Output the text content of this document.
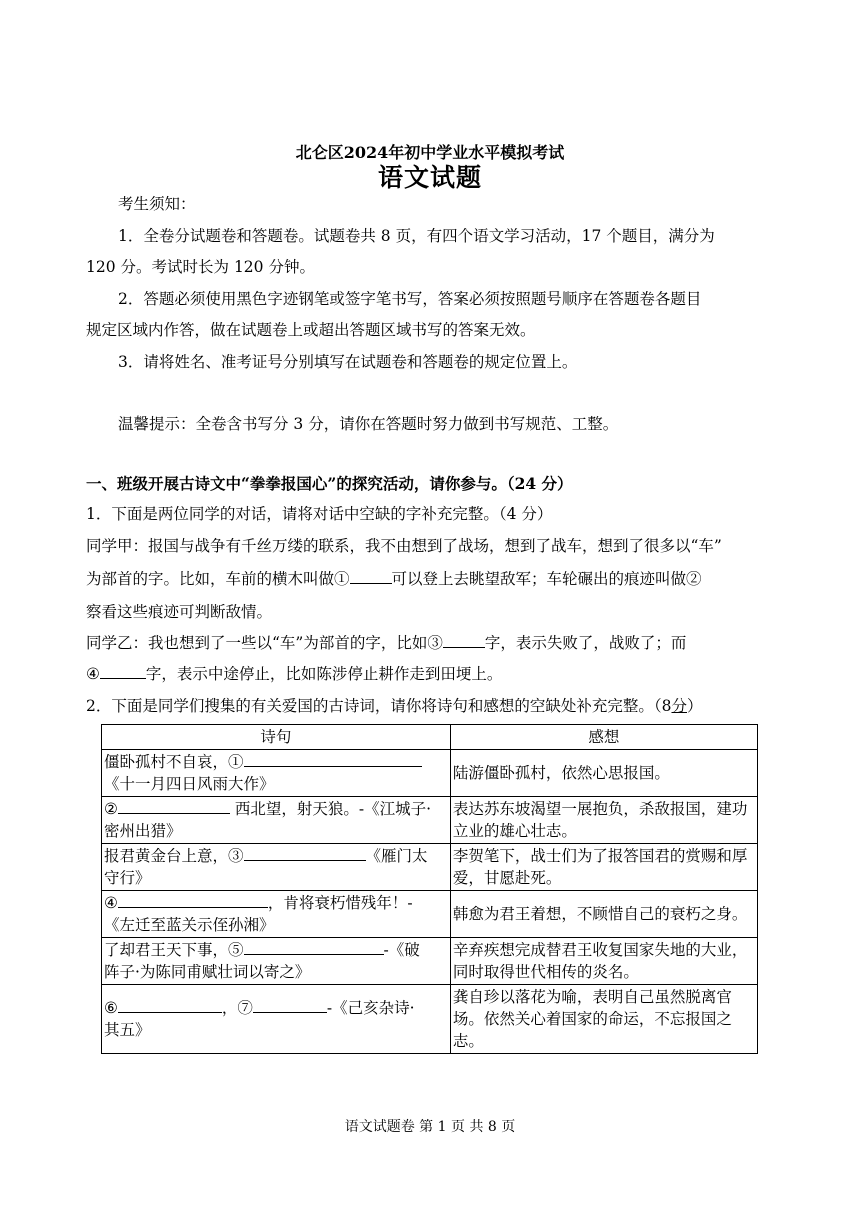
北仑区2024年初中学业水平模拟考试
语文试题
考生须知：
1．全卷分试题卷和答题卷。试题卷共 8 页，有四个语文学习活动，17 个题目，满分为
120 分。考试时长为 120 分钟。
2．答题必须使用黑色字迹钢笔或签字笔书写，答案必须按照题号顺序在答题卷各题目
规定区域内作答，做在试题卷上或超出答题区域书写的答案无效。
3．请将姓名、准考证号分别填写在试题卷和答题卷的规定位置上。
温馨提示：全卷含书写分 3 分，请你在答题时努力做到书写规范、工整。
一、班级开展古诗文中“拳拳报国心”的探究活动，请你参与。（24 分）
1．下面是两位同学的对话，请将对话中空缺的字补充完整。（4 分）
同学甲：报国与战争有千丝万缕的联系，我不由想到了战场，想到了战车，想到了很多以“车”
为部首的字。比如，车前的横木叫做①	可以登上去眺望敌军；车轮碾出的痕迹叫做②
察看这些痕迹可判断敌情。
同学乙：我也想到了一些以“车”为部首的字，比如③	字，表示失败了，战败了；而
④	字，表示中途停止，比如陈涉停止耕作走到田埂上。
2．下面是同学们搜集的有关爱国的古诗词，请你将诗句和感想的空缺处补充完整。（8分）
诗句	感想
僵卧孤村不自哀，①
《十一月四日风雨大作》	陆游僵卧孤村，依然心思报国。
② 西北望，射天狼。-《江城子·
密州出猎》	表达苏东坡渴望一展抱负，杀敌报国，建功立业的雄心壮志。
报君黄金台上意，③ 《雁门太
守行》	李贺笔下，战士们为了报答国君的赏赐和厚爱，甘愿赴死。
④ ，肯将衰朽惜残年！-
《左迁至蓝关示侄孙湘》	韩愈为君王着想，不顾惜自己的衰朽之身。
了却君王天下事，⑤ -《破
阵子·为陈同甫赋壮词以寄之》	辛弃疾想完成替君王收复国家失地的大业，同时取得世代相传的炎名。
⑥ ，⑦ -《己亥杂诗·
其五》	龚自珍以落花为喻，表明自己虽然脱离官场。依然关心着国家的命运，不忘报国之志。
语文试题卷 第 1 页 共 8 页
